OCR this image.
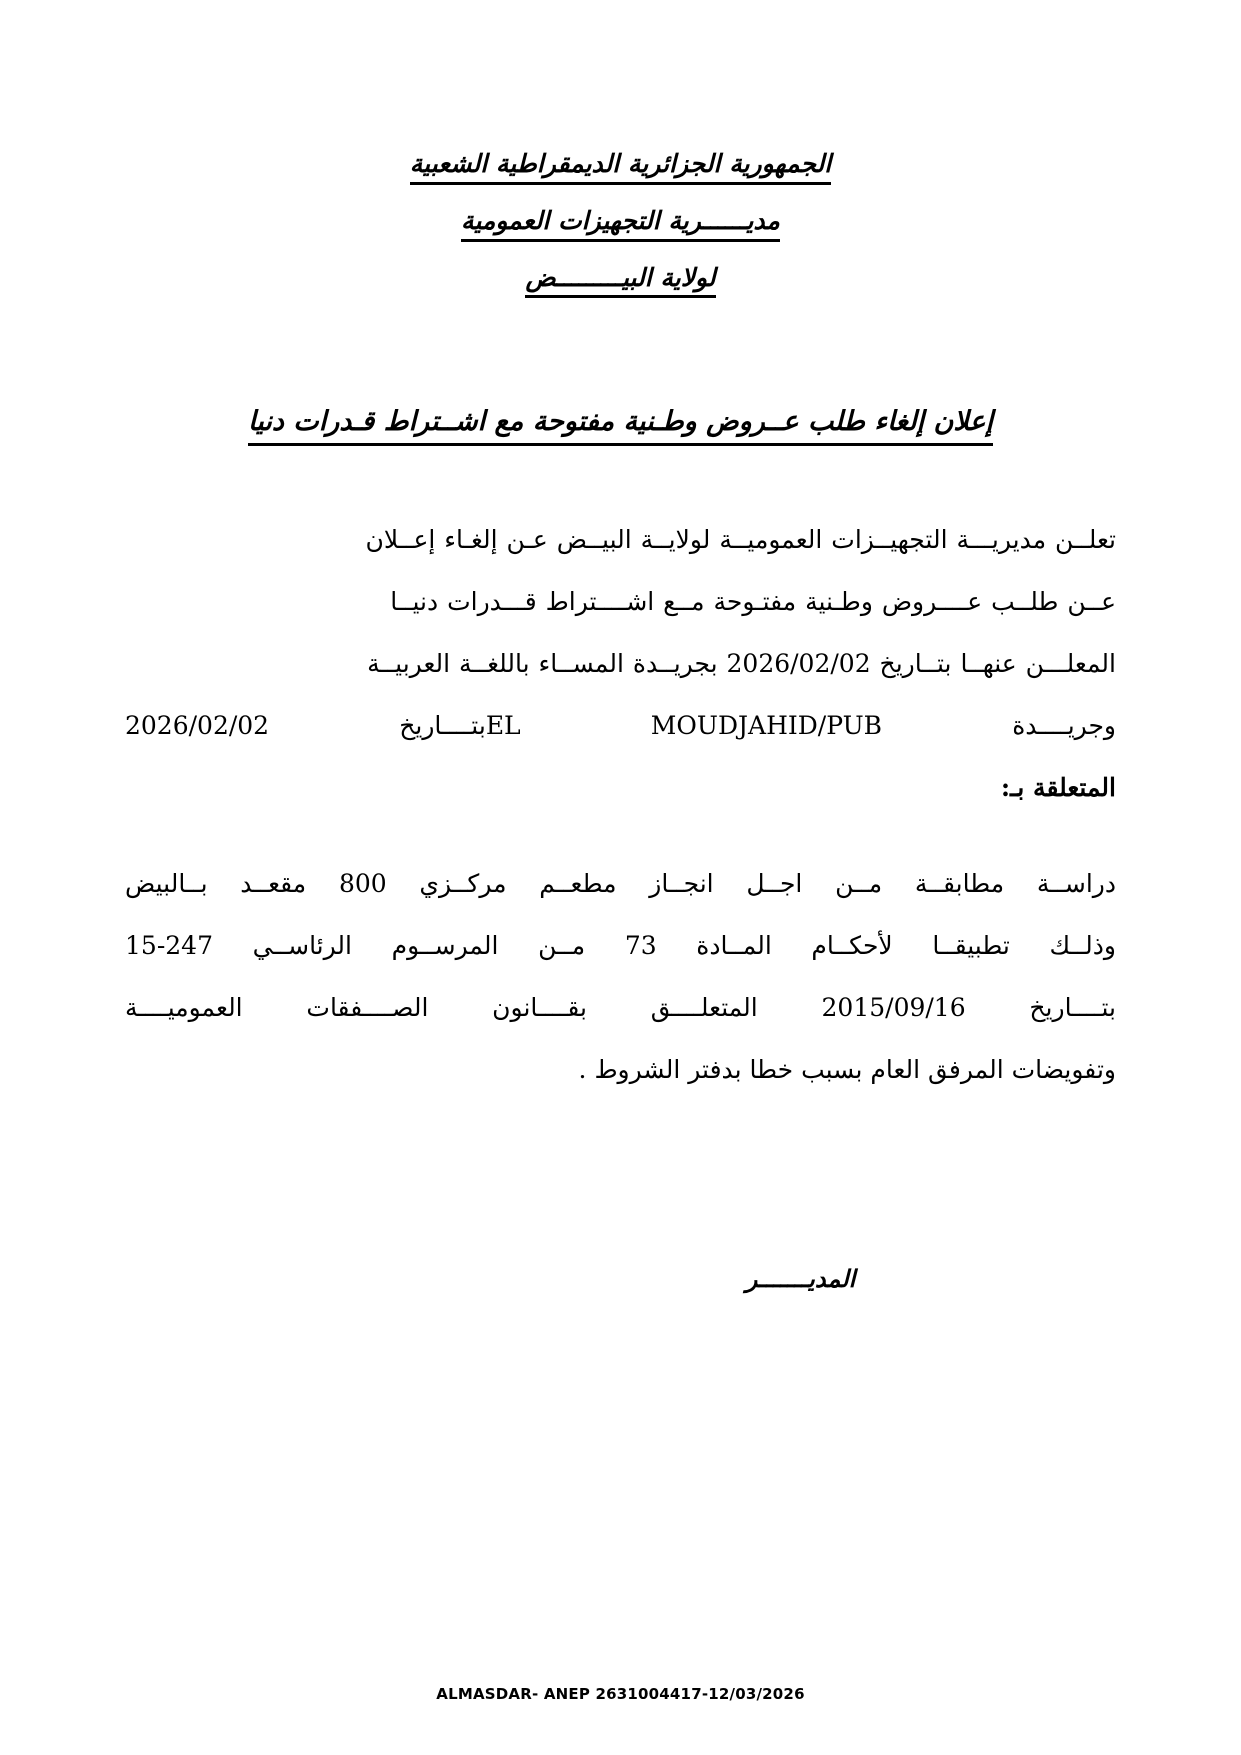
الجمهورية الجزائرية الديمقراطية الشعبية
مديــــــرية التجهيزات العمومية
لولاية البيـــــــــض
إعلان إلغاء طلب عــروض وطـنية مفتوحة مع اشــتراط قـدرات دنيا

تعلــن مديريـــة التجهيــزات العموميــة لولايــة البيــض عـن إلغـاء إعــلان

عــن طلــب عــــروض وطـنية مفتـوحة مــع اشــــتراط قـــدرات دنيــا

المعلـــن عنهــا بتــاريخ 2026/02/02 بجريــدة المســاء باللغــة العربيــة

وجريــــدة EL MOUDJAHID/PUBبتــــاريخ 2026/02/02

المتعلقة بـ:

دراســة مطابقــة مــن اجــل انجــاز مطعــم مركــزي 800 مقعــد بــالبيض

وذلــك تطبيقــا لأحكــام المــادة 73 مــن المرســوم الرئاســي 247-15

بتــــاريخ 2015/09/16 المتعلــــق بقــــانون الصــــفقات العموميــــة

وتفويضات المرفق العام بسبب خطا بدفتر الشروط .

المديـــــــر
ALMASDAR- ANEP 2631004417-12/03/2026
